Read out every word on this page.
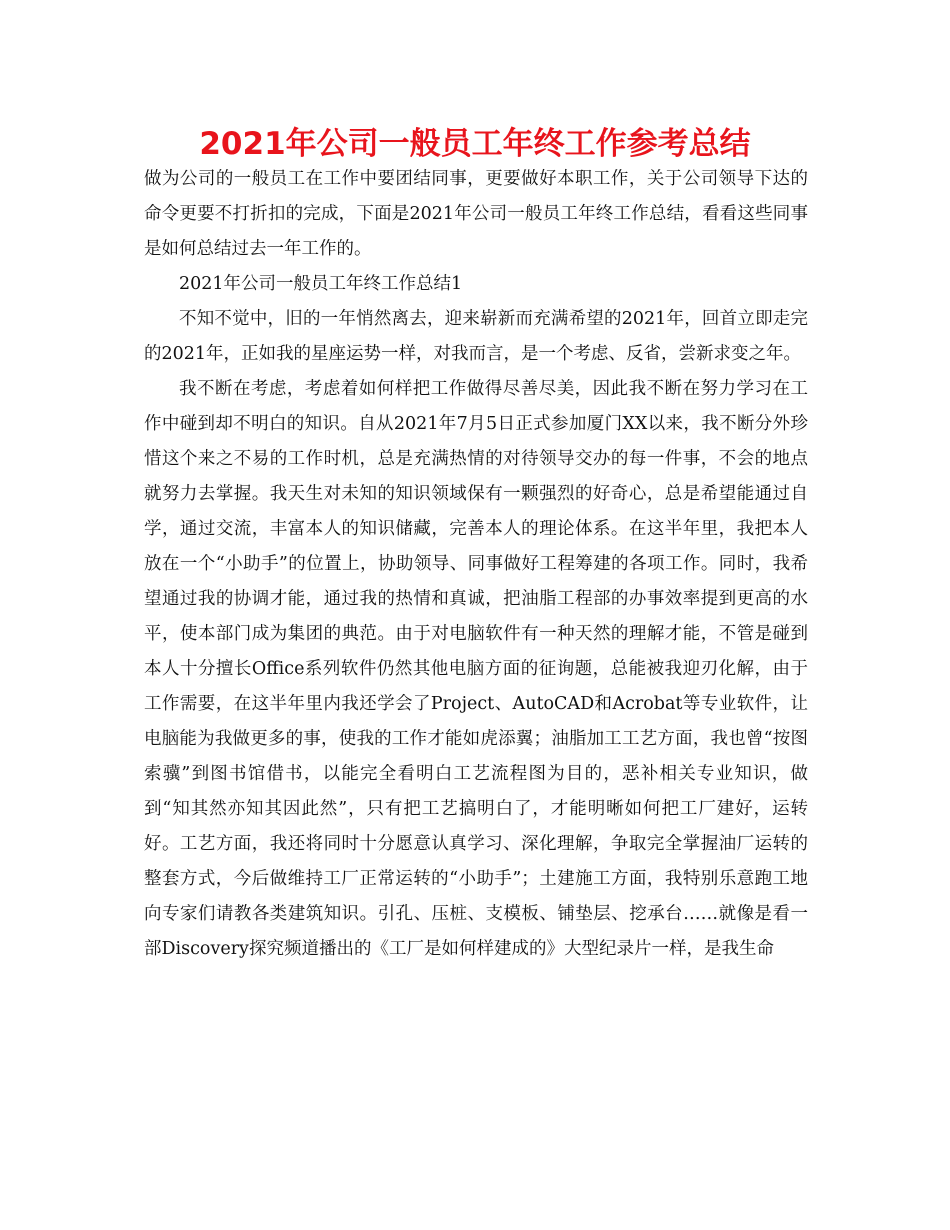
2021年公司一般员工年终工作参考总结

做为公司的一般员工在工作中要团结同事，更要做好本职工作，关于公司领导下达的命令更要不打折扣的完成，下面是2021年公司一般员工年终工作总结，看看这些同事是如何总结过去一年工作的。

2021年公司一般员工年终工作总结1

不知不觉中，旧的一年悄然离去，迎来崭新而充满希望的2021年，回首立即走完的2021年，正如我的星座运势一样，对我而言，是一个考虑、反省，尝新求变之年。

我不断在考虑，考虑着如何样把工作做得尽善尽美，因此我不断在努力学习在工作中碰到却不明白的知识。自从2021年7月5日正式参加厦门XX以来，我不断分外珍惜这个来之不易的工作时机，总是充满热情的对待领导交办的每一件事，不会的地点就努力去掌握。我天生对未知的知识领域保有一颗强烈的好奇心，总是希望能通过自学，通过交流，丰富本人的知识储藏，完善本人的理论体系。在这半年里，我把本人放在一个“小助手”的位置上，协助领导、同事做好工程筹建的各项工作。同时，我希望通过我的协调才能，通过我的热情和真诚，把油脂工程部的办事效率提到更高的水平，使本部门成为集团的典范。由于对电脑软件有一种天然的理解才能，不管是碰到本人十分擅长Office系列软件仍然其他电脑方面的征询题，总能被我迎刃化解，由于工作需要，在这半年里内我还学会了Project、AutoCAD和Acrobat等专业软件，让电脑能为我做更多的事，使我的工作才能如虎添翼；油脂加工工艺方面，我也曾“按图索骥”到图书馆借书，以能完全看明白工艺流程图为目的，恶补相关专业知识，做到“知其然亦知其因此然”，只有把工艺搞明白了，才能明晰如何把工厂建好，运转好。工艺方面，我还将同时十分愿意认真学习、深化理解，争取完全掌握油厂运转的整套方式，今后做维持工厂正常运转的“小助手”；土建施工方面，我特别乐意跑工地向专家们请教各类建筑知识。引孔、压桩、支模板、铺垫层、挖承台……就像是看一部Discovery探究频道播出的《工厂是如何样建成的》大型纪录片一样，是我生命
